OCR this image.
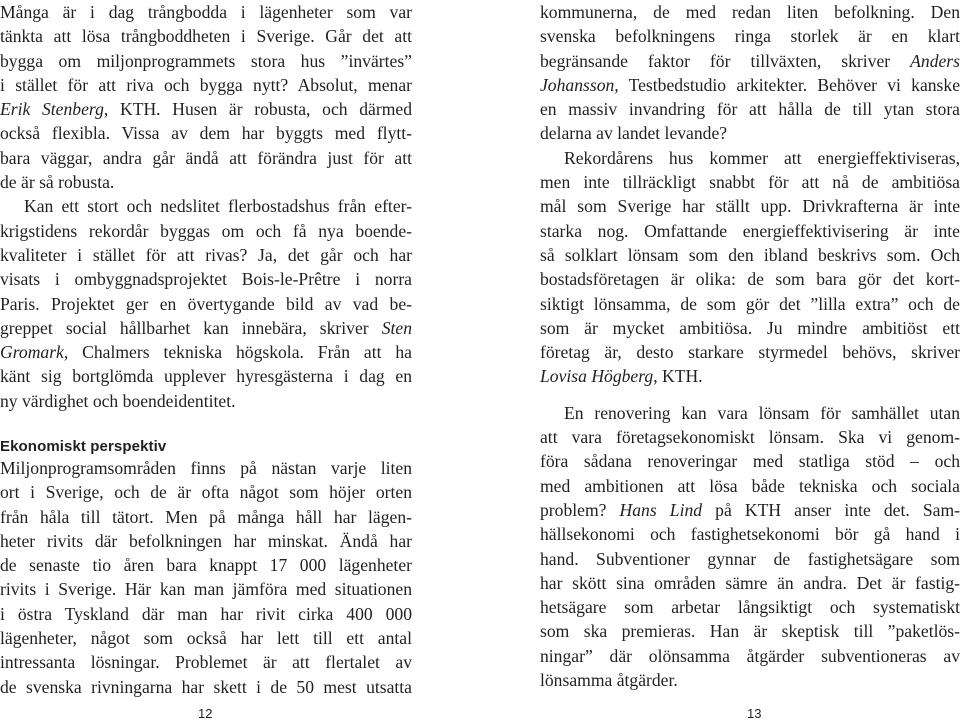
Många är i dag trångbodda i lägenheter som var
tänkta att lösa trångboddheten i Sverige. Går det att
bygga om miljonprogrammets stora hus ”invärtes”
i stället för att riva och bygga nytt? Absolut, menar
Erik Stenberg, KTH. Husen är robusta, och därmed
också flexibla. Vissa av dem har byggts med flytt-
bara väggar, andra går ändå att förändra just för att
de är så robusta.
Kan ett stort och nedslitet flerbostadshus från efter-
krigstidens rekordår byggas om och få nya boende-
kvaliteter i stället för att rivas? Ja, det går och har
visats i ombyggnadsprojektet Bois-le-Prêtre i norra
Paris. Projektet ger en övertygande bild av vad be-
greppet social hållbarhet kan innebära, skriver Sten
Gromark, Chalmers tekniska högskola. Från att ha
känt sig bortglömda upplever hyresgästerna i dag en
ny värdighet och boendeidentitet.
Ekonomiskt perspektiv
Miljonprogramsområden finns på nästan varje liten
ort i Sverige, och de är ofta något som höjer orten
från håla till tätort. Men på många håll har lägen-
heter rivits där befolkningen har minskat. Ändå har
de senaste tio åren bara knappt 17 000 lägenheter
rivits i Sverige. Här kan man jämföra med situationen
i östra Tyskland där man har rivit cirka 400 000
lägenheter, något som också har lett till ett antal
intressanta lösningar. Problemet är att flertalet av
de svenska rivningarna har skett i de 50 mest utsatta
kommunerna, de med redan liten befolkning. Den
svenska befolkningens ringa storlek är en klart
begränsande faktor för tillväxten, skriver Anders
Johansson, Testbedstudio arkitekter. Behöver vi kanske
en massiv invandring för att hålla de till ytan stora
delarna av landet levande?
Rekordårens hus kommer att energieffektiviseras,
men inte tillräckligt snabbt för att nå de ambitiösa
mål som Sverige har ställt upp. Drivkrafterna är inte
starka nog. Omfattande energieffektivisering är inte
så solklart lönsam som den ibland beskrivs som. Och
bostadsföretagen är olika: de som bara gör det kort-
siktigt lönsamma, de som gör det ”lilla extra” och de
som är mycket ambitiösa. Ju mindre ambitiöst ett
företag är, desto starkare styrmedel behövs, skriver
Lovisa Högberg, KTH.
En renovering kan vara lönsam för samhället utan
att vara företagsekonomiskt lönsam. Ska vi genom-
föra sådana renoveringar med statliga stöd – och
med ambitionen att lösa både tekniska och sociala
problem? Hans Lind på KTH anser inte det. Sam-
hällsekonomi och fastighetsekonomi bör gå hand i
hand. Subventioner gynnar de fastighetsägare som
har skött sina områden sämre än andra. Det är fastig-
hetsägare som arbetar långsiktigt och systematiskt
som ska premieras. Han är skeptisk till ”paketlös-
ningar” där olönsamma åtgärder subventioneras av
lönsamma åtgärder.
12	13
